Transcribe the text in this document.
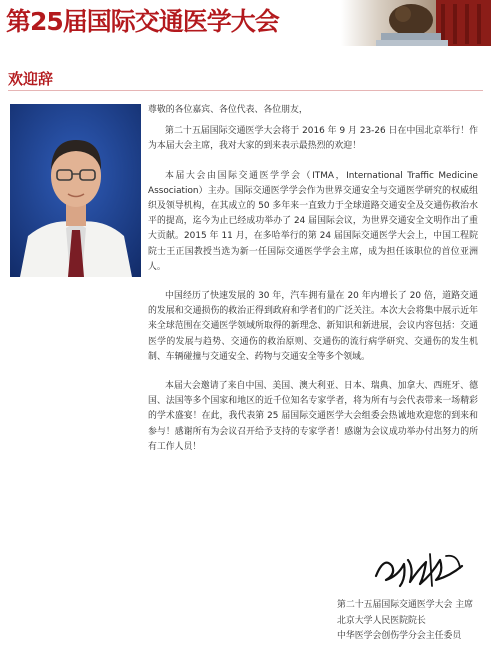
第25届国际交通医学大会
欢迎辞

尊敬的各位嘉宾、各位代表、各位朋友，

第二十五届国际交通医学大会将于 2016 年 9 月 23-26 日在中国北京举行！作为本届大会主席，我对大家的到来表示最热烈的欢迎！

本届大会由国际交通医学学会（ITMA，International Traffic Medicine Association）主办。国际交通医学学会作为世界交通安全与交通医学研究的权威组织及领导机构，在其成立的 50 多年来一直致力于全球道路交通安全及交通伤救治水平的提高，迄今为止已经成功举办了 24 届国际会议，为世界交通安全文明作出了重大贡献。2015 年 11 月，在多哈举行的第 24 届国际交通医学大会上，中国工程院院士王正国教授当选为新一任国际交通医学学会主席，成为担任该职位的首位亚洲人。

中国经历了快速发展的 30 年，汽车拥有量在 20 年内增长了 20 倍，道路交通的发展和交通损伤的救治正得到政府和学者们的广泛关注。本次大会将集中展示近年来全球范围在交通医学领域所取得的新理念、新知识和新进展，会议内容包括：交通医学的发展与趋势、交通伤的救治原则、交通伤的流行病学研究、交通伤的发生机制、车辆碰撞与交通安全、药物与交通安全等多个领域。

本届大会邀请了来自中国、美国、澳大利亚、日本、瑞典、加拿大、西班牙、德国、法国等多个国家和地区的近千位知名专家学者，将为所有与会代表带来一场精彩的学术盛宴！在此，我代表第 25 届国际交通医学大会组委会热诚地欢迎您的到来和参与！感谢所有为会议召开给予支持的专家学者！感谢为会议成功举办付出努力的所有工作人员！

第二十五届国际交通医学大会 主席
北京大学人民医院院长
中华医学会创伤学分会主任委员
